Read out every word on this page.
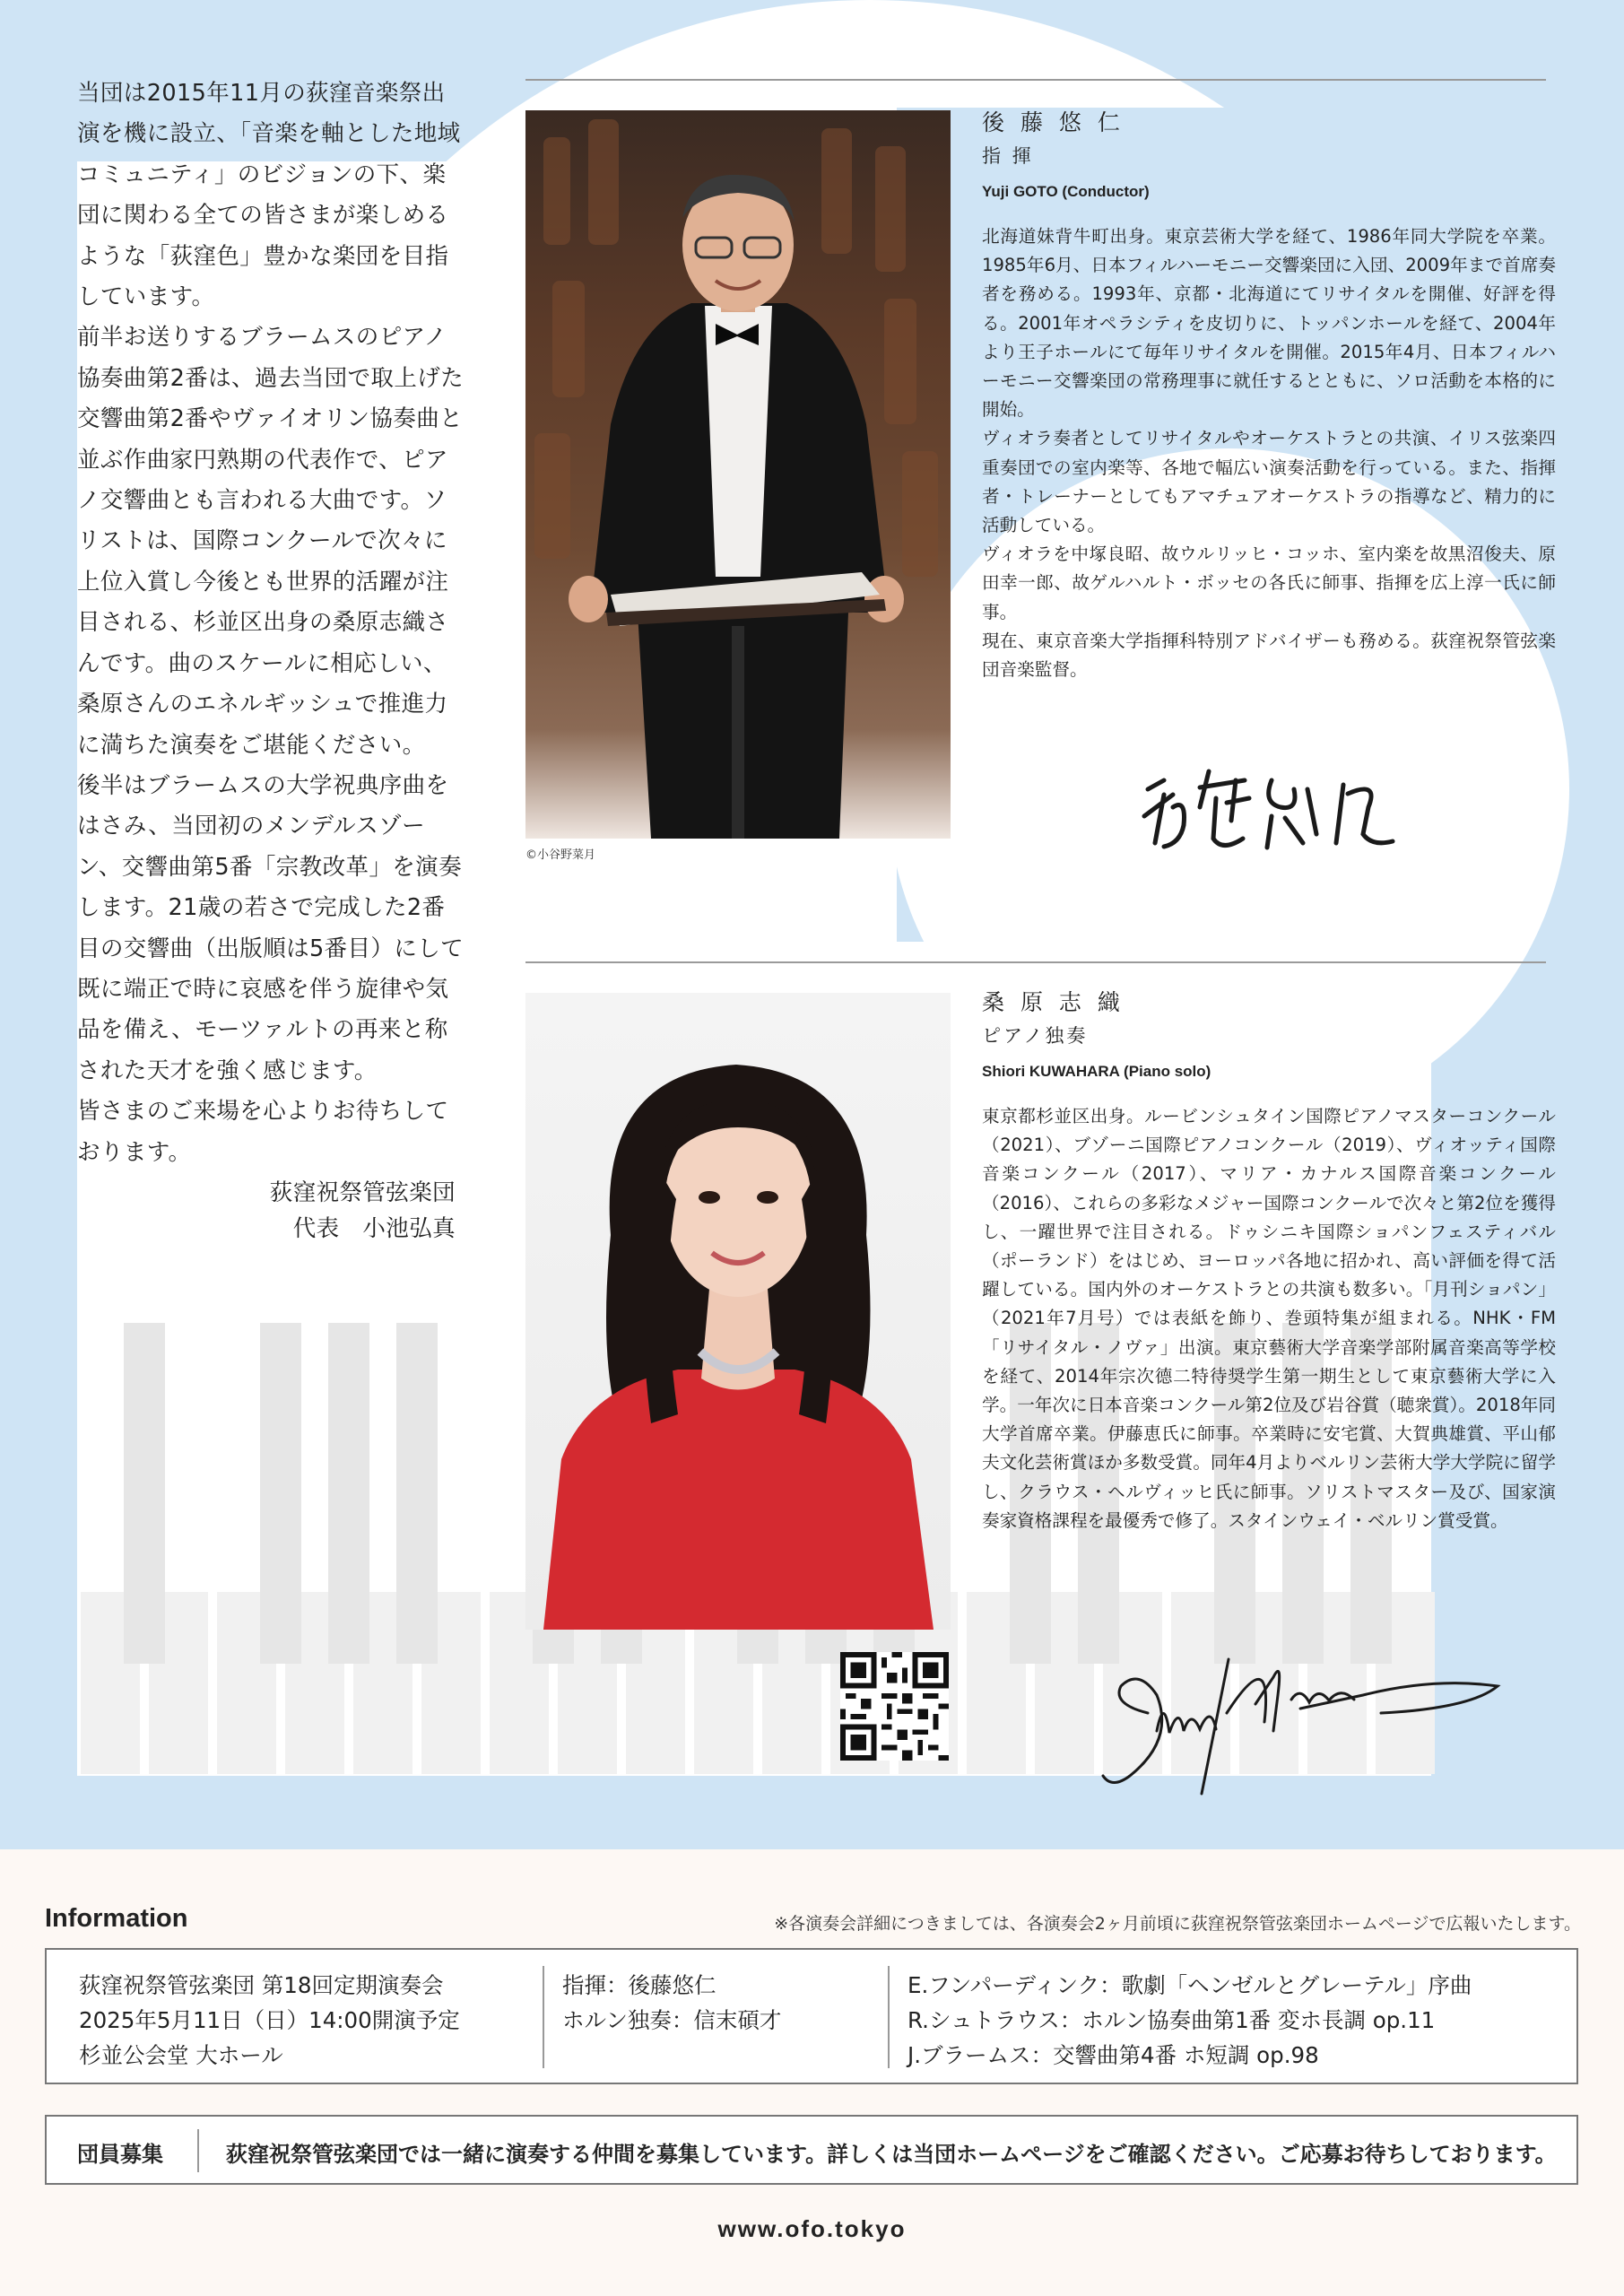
当団は2015年11月の荻窪音楽祭出演を機に設立、「音楽を軸とした地域コミュニティ」のビジョンの下、楽団に関わる全ての皆さまが楽しめるような「荻窪色」豊かな楽団を目指しています。

前半お送りするブラームスのピアノ協奏曲第2番は、過去当団で取上げた交響曲第2番やヴァイオリン協奏曲と並ぶ作曲家円熟期の代表作で、ピアノ交響曲とも言われる大曲です。ソリストは、国際コンクールで次々に上位入賞し今後とも世界的活躍が注目される、杉並区出身の桑原志織さんです。曲のスケールに相応しい、桑原さんのエネルギッシュで推進力に満ちた演奏をご堪能ください。

後半はブラームスの大学祝典序曲をはさみ、当団初のメンデルスゾーン、交響曲第5番「宗教改革」を演奏します。21歳の若さで完成した2番目の交響曲（出版順は5番目）にして既に端正で時に哀感を伴う旋律や気品を備え、モーツァルトの再来と称された天才を強く感じます。

皆さまのご来場を心よりお待ちしております。

荻窪祝祭管弦楽団

代表　小池弘真

©小谷野菜月
後 藤 悠 仁
指 揮
Yuji GOTO (Conductor)
北海道妹背牛町出身。東京芸術大学を経て、1986年同大学院を卒業。1985年6月、日本フィルハーモニー交響楽団に入団、2009年まで首席奏者を務める。1993年、京都・北海道にてリサイタルを開催、好評を得る。2001年オペラシティを皮切りに、トッパンホールを経て、2004年より王子ホールにて毎年リサイタルを開催。2015年4月、日本フィルハーモニー交響楽団の常務理事に就任するとともに、ソロ活動を本格的に開始。
ヴィオラ奏者としてリサイタルやオーケストラとの共演、イリス弦楽四重奏団での室内楽等、各地で幅広い演奏活動を行っている。また、指揮者・トレーナーとしてもアマチュアオーケストラの指導など、精力的に活動している。
ヴィオラを中塚良昭、故ウルリッヒ・コッホ、室内楽を故黒沼俊夫、原田幸一郎、故ゲルハルト・ボッセの各氏に師事、指揮を広上淳一氏に師事。
現在、東京音楽大学指揮科特別アドバイザーも務める。荻窪祝祭管弦楽団音楽監督。
桑 原 志 織
ピアノ独奏
Shiori KUWAHARA (Piano solo)
東京都杉並区出身。ルービンシュタイン国際ピアノマスターコンクール（2021）、ブゾーニ国際ピアノコンクール（2019）、ヴィオッティ国際音楽コンクール（2017）、マリア・カナルス国際音楽コンクール（2016）、これらの多彩なメジャー国際コンクールで次々と第2位を獲得し、一躍世界で注目される。ドゥシニキ国際ショパンフェスティバル（ポーランド）をはじめ、ヨーロッパ各地に招かれ、高い評価を得て活躍している。国内外のオーケストラとの共演も数多い。「月刊ショパン」（2021年7月号）では表紙を飾り、巻頭特集が組まれる。NHK・FM「リサイタル・ノヴァ」出演。東京藝術大学音楽学部附属音楽高等学校を経て、2014年宗次德二特待奨学生第一期生として東京藝術大学に入学。一年次に日本音楽コンクール第2位及び岩谷賞（聴衆賞）。2018年同大学首席卒業。伊藤恵氏に師事。卒業時に安宅賞、大賀典雄賞、平山郁夫文化芸術賞ほか多数受賞。同年4月よりベルリン芸術大学大学院に留学し、クラウス・ヘルヴィッヒ氏に師事。ソリストマスター及び、国家演奏家資格課程を最優秀で修了。スタインウェイ・ベルリン賞受賞。
Information	※各演奏会詳細につきましては、各演奏会2ヶ月前頃に荻窪祝祭管弦楽団ホームページで広報いたします。
荻窪祝祭管弦楽団 第18回定期演奏会
2025年5月11日（日）14:00開演予定
杉並公会堂 大ホール
指揮：後藤悠仁
ホルン独奏：信末碩才
E.フンパーディンク：歌劇「ヘンゼルとグレーテル」序曲
R.シュトラウス：ホルン協奏曲第1番 変ホ長調 op.11
J.ブラームス：交響曲第4番 ホ短調 op.98
団員募集	荻窪祝祭管弦楽団では一緒に演奏する仲間を募集しています。詳しくは当団ホームページをご確認ください。ご応募お待ちしております。
www.ofo.tokyo
